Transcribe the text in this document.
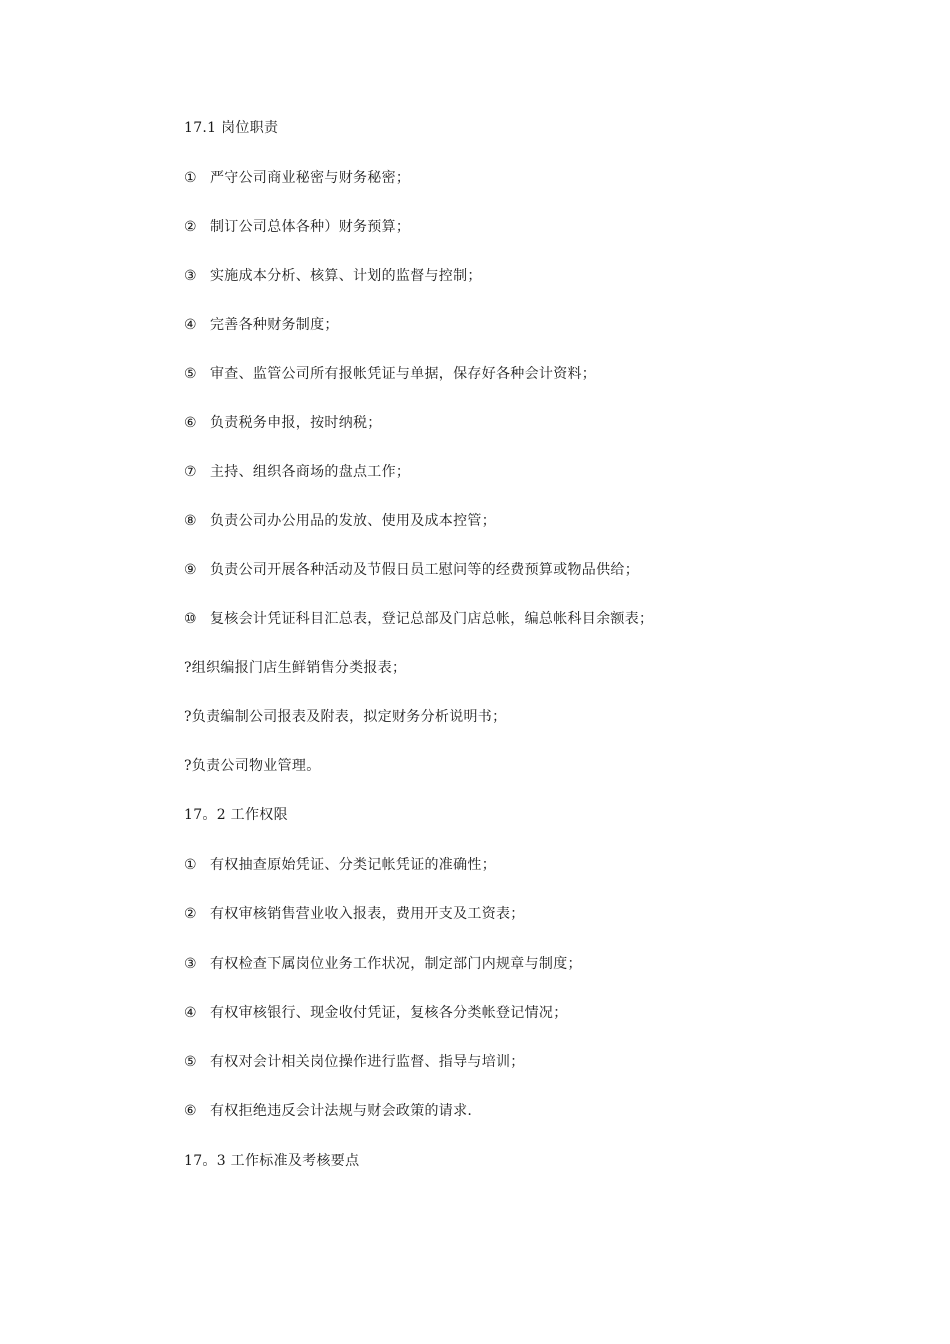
17.1 岗位职责
① 严守公司商业秘密与财务秘密；
② 制订公司总体各种）财务预算；
③ 实施成本分析、核算、计划的监督与控制；
④ 完善各种财务制度；
⑤ 审查、监管公司所有报帐凭证与单据，保存好各种会计资料；
⑥ 负责税务申报，按时纳税；
⑦ 主持、组织各商场的盘点工作；
⑧ 负责公司办公用品的发放、使用及成本控管；
⑨ 负责公司开展各种活动及节假日员工慰问等的经费预算或物品供给；
⑩ 复核会计凭证科目汇总表，登记总部及门店总帐，编总帐科目余额表；
?组织编报门店生鲜销售分类报表；
?负责编制公司报表及附表，拟定财务分析说明书；
?负责公司物业管理。
17。2 工作权限
① 有权抽查原始凭证、分类记帐凭证的准确性；
② 有权审核销售营业收入报表，费用开支及工资表；
③ 有权检查下属岗位业务工作状况，制定部门内规章与制度；
④ 有权审核银行、现金收付凭证，复核各分类帐登记情况；
⑤ 有权对会计相关岗位操作进行监督、指导与培训；
⑥ 有权拒绝违反会计法规与财会政策的请求.
17。3 工作标准及考核要点
